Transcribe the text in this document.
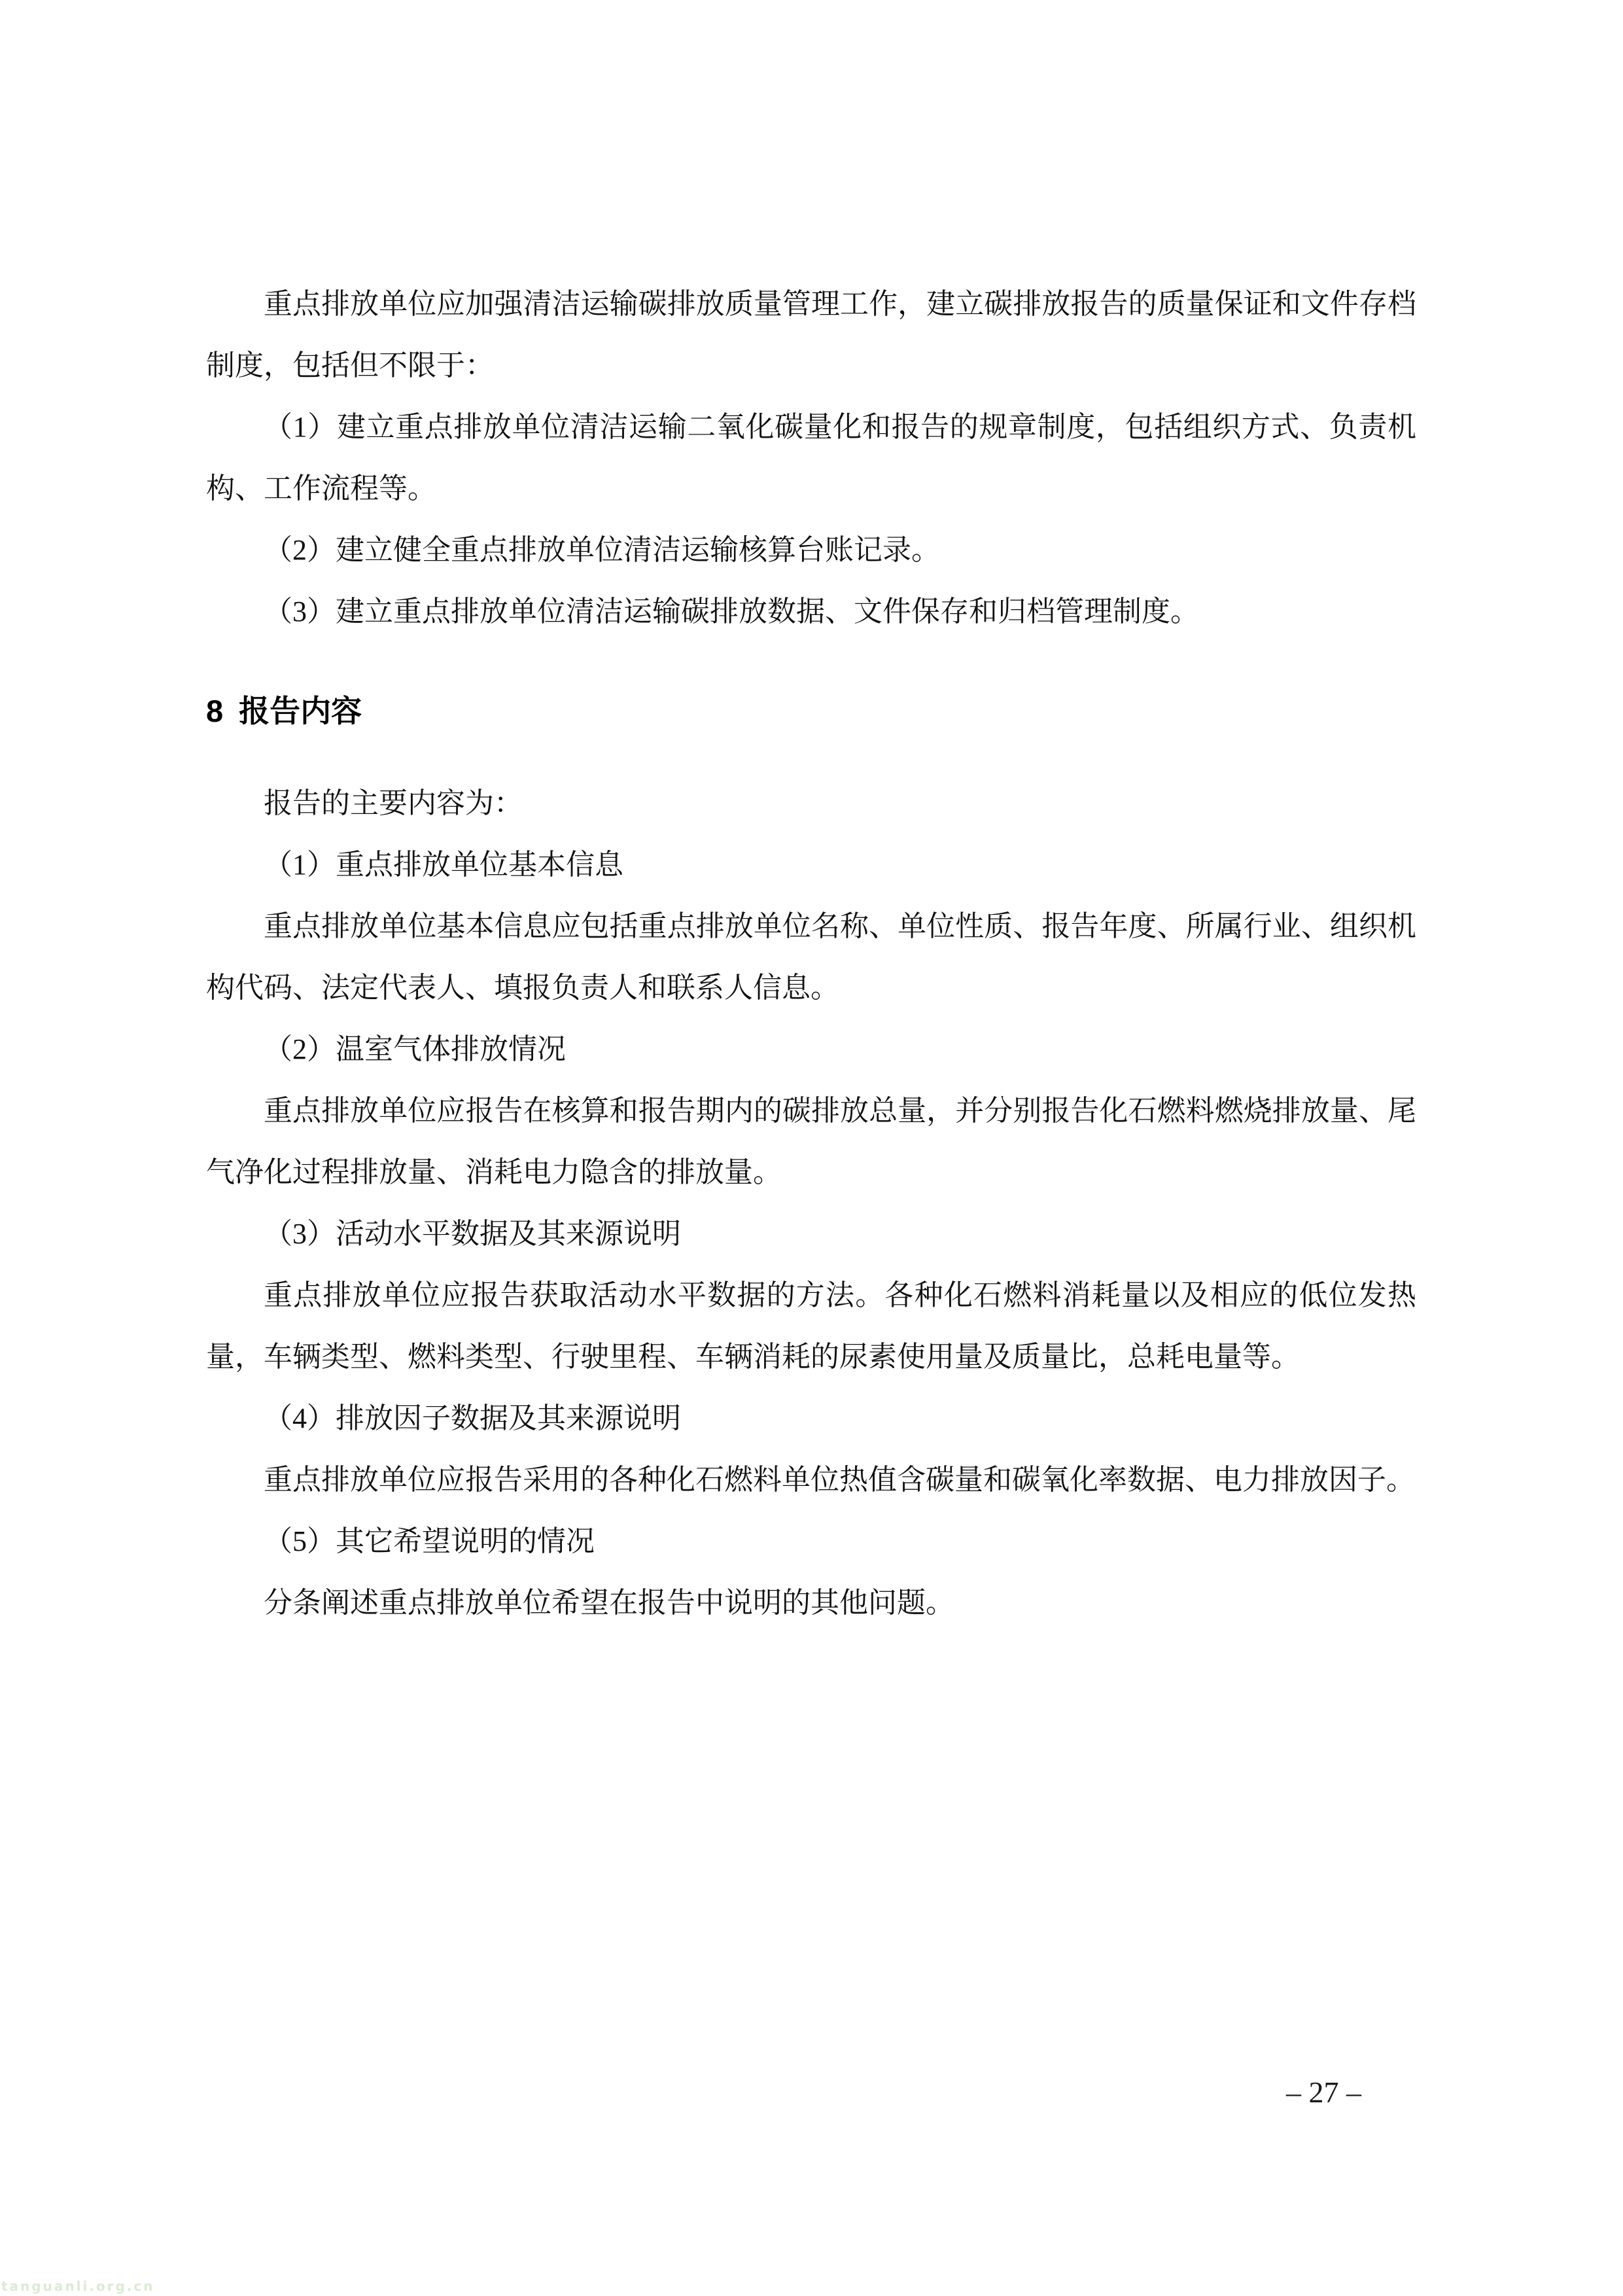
重点排放单位应加强清洁运输碳排放质量管理工作，建立碳排放报告的质量保证和文件存档制度，包括但不限于：

（1）建立重点排放单位清洁运输二氧化碳量化和报告的规章制度，包括组织方式、负责机构、工作流程等。

（2）建立健全重点排放单位清洁运输核算台账记录。

（3）建立重点排放单位清洁运输碳排放数据、文件保存和归档管理制度。

8 报告内容

报告的主要内容为：

（1）重点排放单位基本信息

重点排放单位基本信息应包括重点排放单位名称、单位性质、报告年度、所属行业、组织机构代码、法定代表人、填报负责人和联系人信息。

（2）温室气体排放情况

重点排放单位应报告在核算和报告期内的碳排放总量，并分别报告化石燃料燃烧排放量、尾气净化过程排放量、消耗电力隐含的排放量。

（3）活动水平数据及其来源说明

重点排放单位应报告获取活动水平数据的方法。各种化石燃料消耗量以及相应的低位发热量，车辆类型、燃料类型、行驶里程、车辆消耗的尿素使用量及质量比，总耗电量等。

（4）排放因子数据及其来源说明

重点排放单位应报告采用的各种化石燃料单位热值含碳量和碳氧化率数据、电力排放因子。

（5）其它希望说明的情况

分条阐述重点排放单位希望在报告中说明的其他问题。

– 27 –
tanguanli.org.cn
